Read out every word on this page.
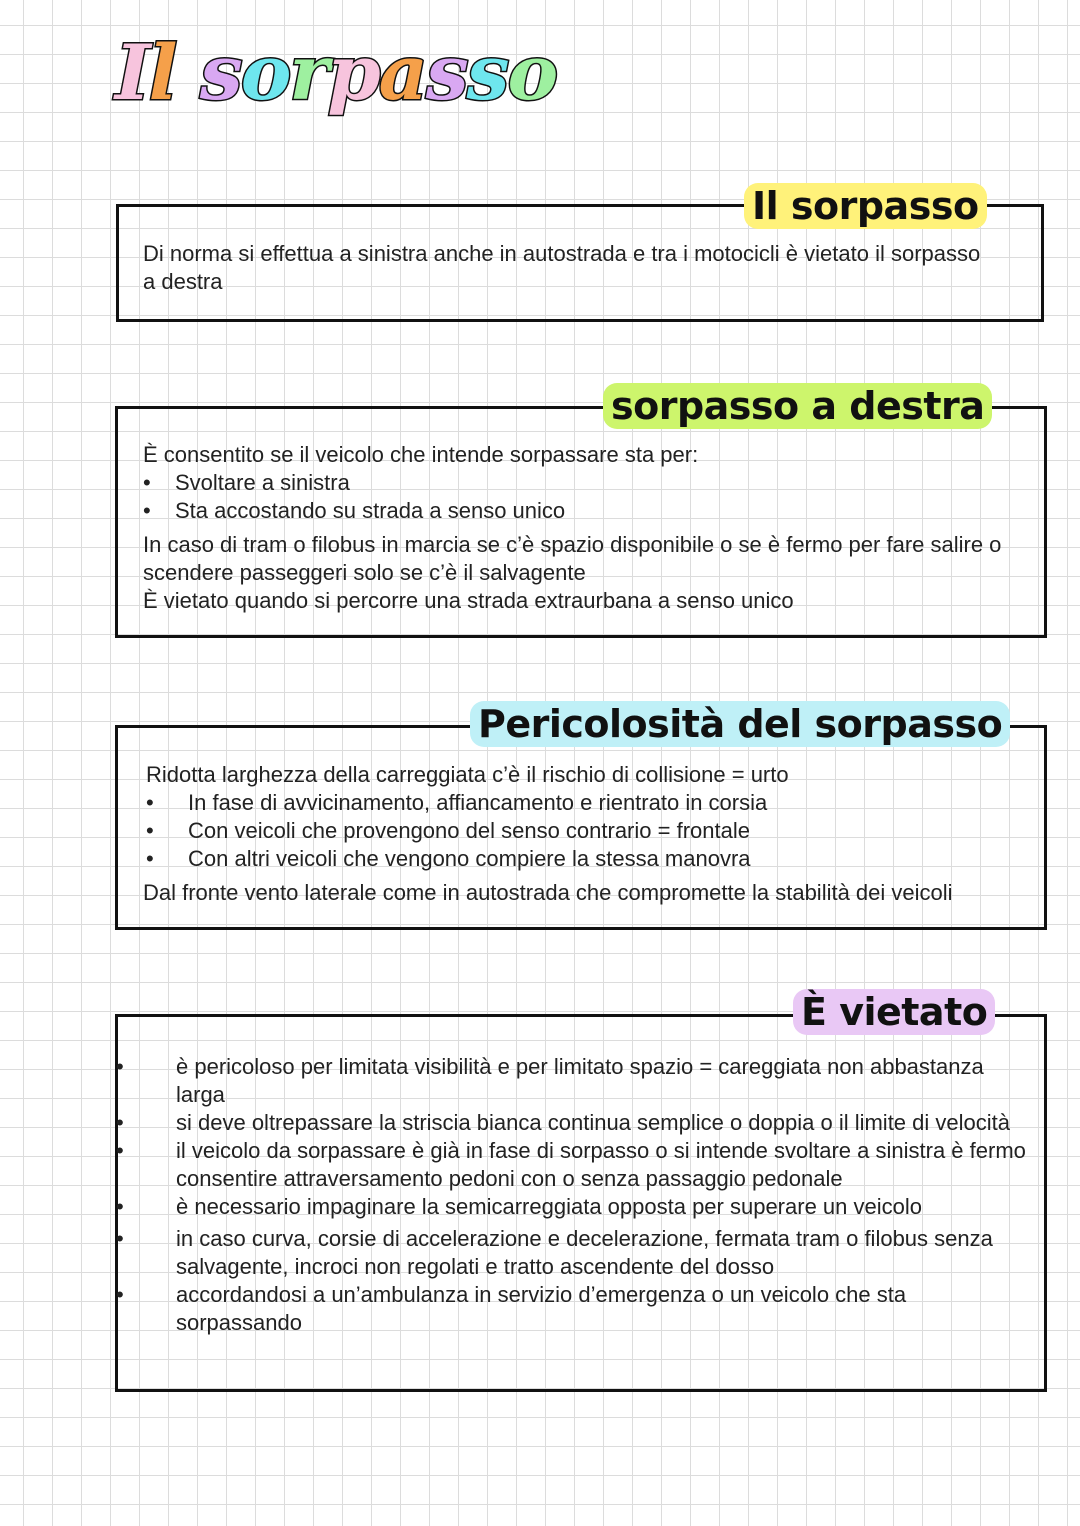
Il sorpasso
Il sorpasso

Di norma si effettua a sinistra anche in autostrada e tra i motocicli è vietato il sorpasso a destra

sorpasso a destra

È consentito se il veicolo che intende sorpassare sta per:

• Svoltare a sinistra
• Sta accostando su strada a senso unico

In caso di tram o filobus in marcia se c’è spazio disponibile o se è fermo per fare salire o scendere passeggeri solo se c’è il salvagente

È vietato quando si percorre una strada extraurbana a senso unico

Pericolosità del sorpasso

Ridotta larghezza della carreggiata c’è il rischio di collisione = urto

• In fase di avvicinamento, affiancamento e rientrato in corsia
• Con veicoli che provengono del senso contrario = frontale
• Con altri veicoli che vengono compiere la stessa manovra

Dal fronte vento laterale come in autostrada che compromette la stabilità dei veicoli

È vietato
• è pericoloso per limitata visibilità e per limitato spazio = careggiata non abbastanza larga
• si deve oltrepassare la striscia bianca continua semplice o doppia o il limite di velocità
• il veicolo da sorpassare è già in fase di sorpasso o si intende svoltare a sinistra è fermo consentire attraversamento pedoni con o senza passaggio pedonale
• è necessario impaginare la semicarreggiata opposta per superare un veicolo
• in caso curva, corsie di accelerazione e decelerazione, fermata tram o filobus senza salvagente, incroci non regolati e tratto ascendente del dosso
• accordandosi a un’ambulanza in servizio d’emergenza o un veicolo che sta sorpassando
